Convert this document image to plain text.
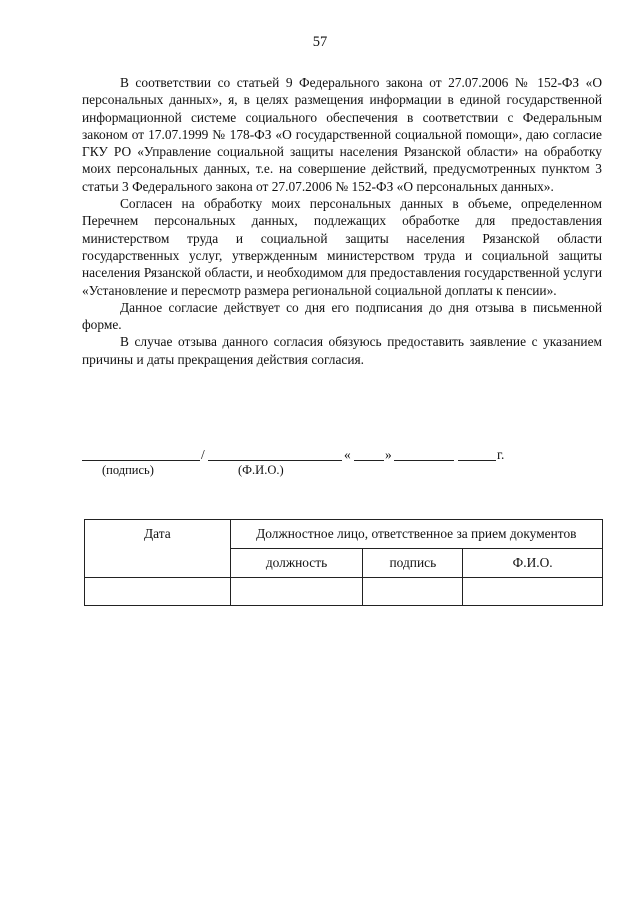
57

В соответствии со статьей 9 Федерального закона от 27.07.2006 № 152-ФЗ «О персональных данных», я, в целях размещения информации в единой государственной информационной системе социального обеспечения в соответствии с Федеральным законом от 17.07.1999 № 178-ФЗ «О государственной социальной помощи», даю согласие ГКУ РО «Управление социальной защиты населения Рязанской области» на обработку моих персональных данных, т.е. на совершение действий, предусмотренных пунктом 3 статьи 3 Федерального закона от 27.07.2006 № 152-ФЗ «О персональных данных».

Согласен на обработку моих персональных данных в объеме, определенном Перечнем персональных данных, подлежащих обработке для предоставления министерством труда и социальной защиты населения Рязанской области государственных услуг, утвержденным министерством труда и социальной защиты населения Рязанской области, и необходимом для предоставления государственной услуги «Установление и пересмотр размера региональной социальной доплаты к пенсии».

Данное согласие действует со дня его подписания до дня отзыва в письменной форме.

В случае отзыва данного согласия обязуюсь предоставить заявление с указанием причины и даты прекращения действия согласия.

/	«	»	г.
(подпись)	(Ф.И.О.)
Дата	Должностное лицо, ответственное за прием документов		
	должность	подпись	Ф.И.О.
